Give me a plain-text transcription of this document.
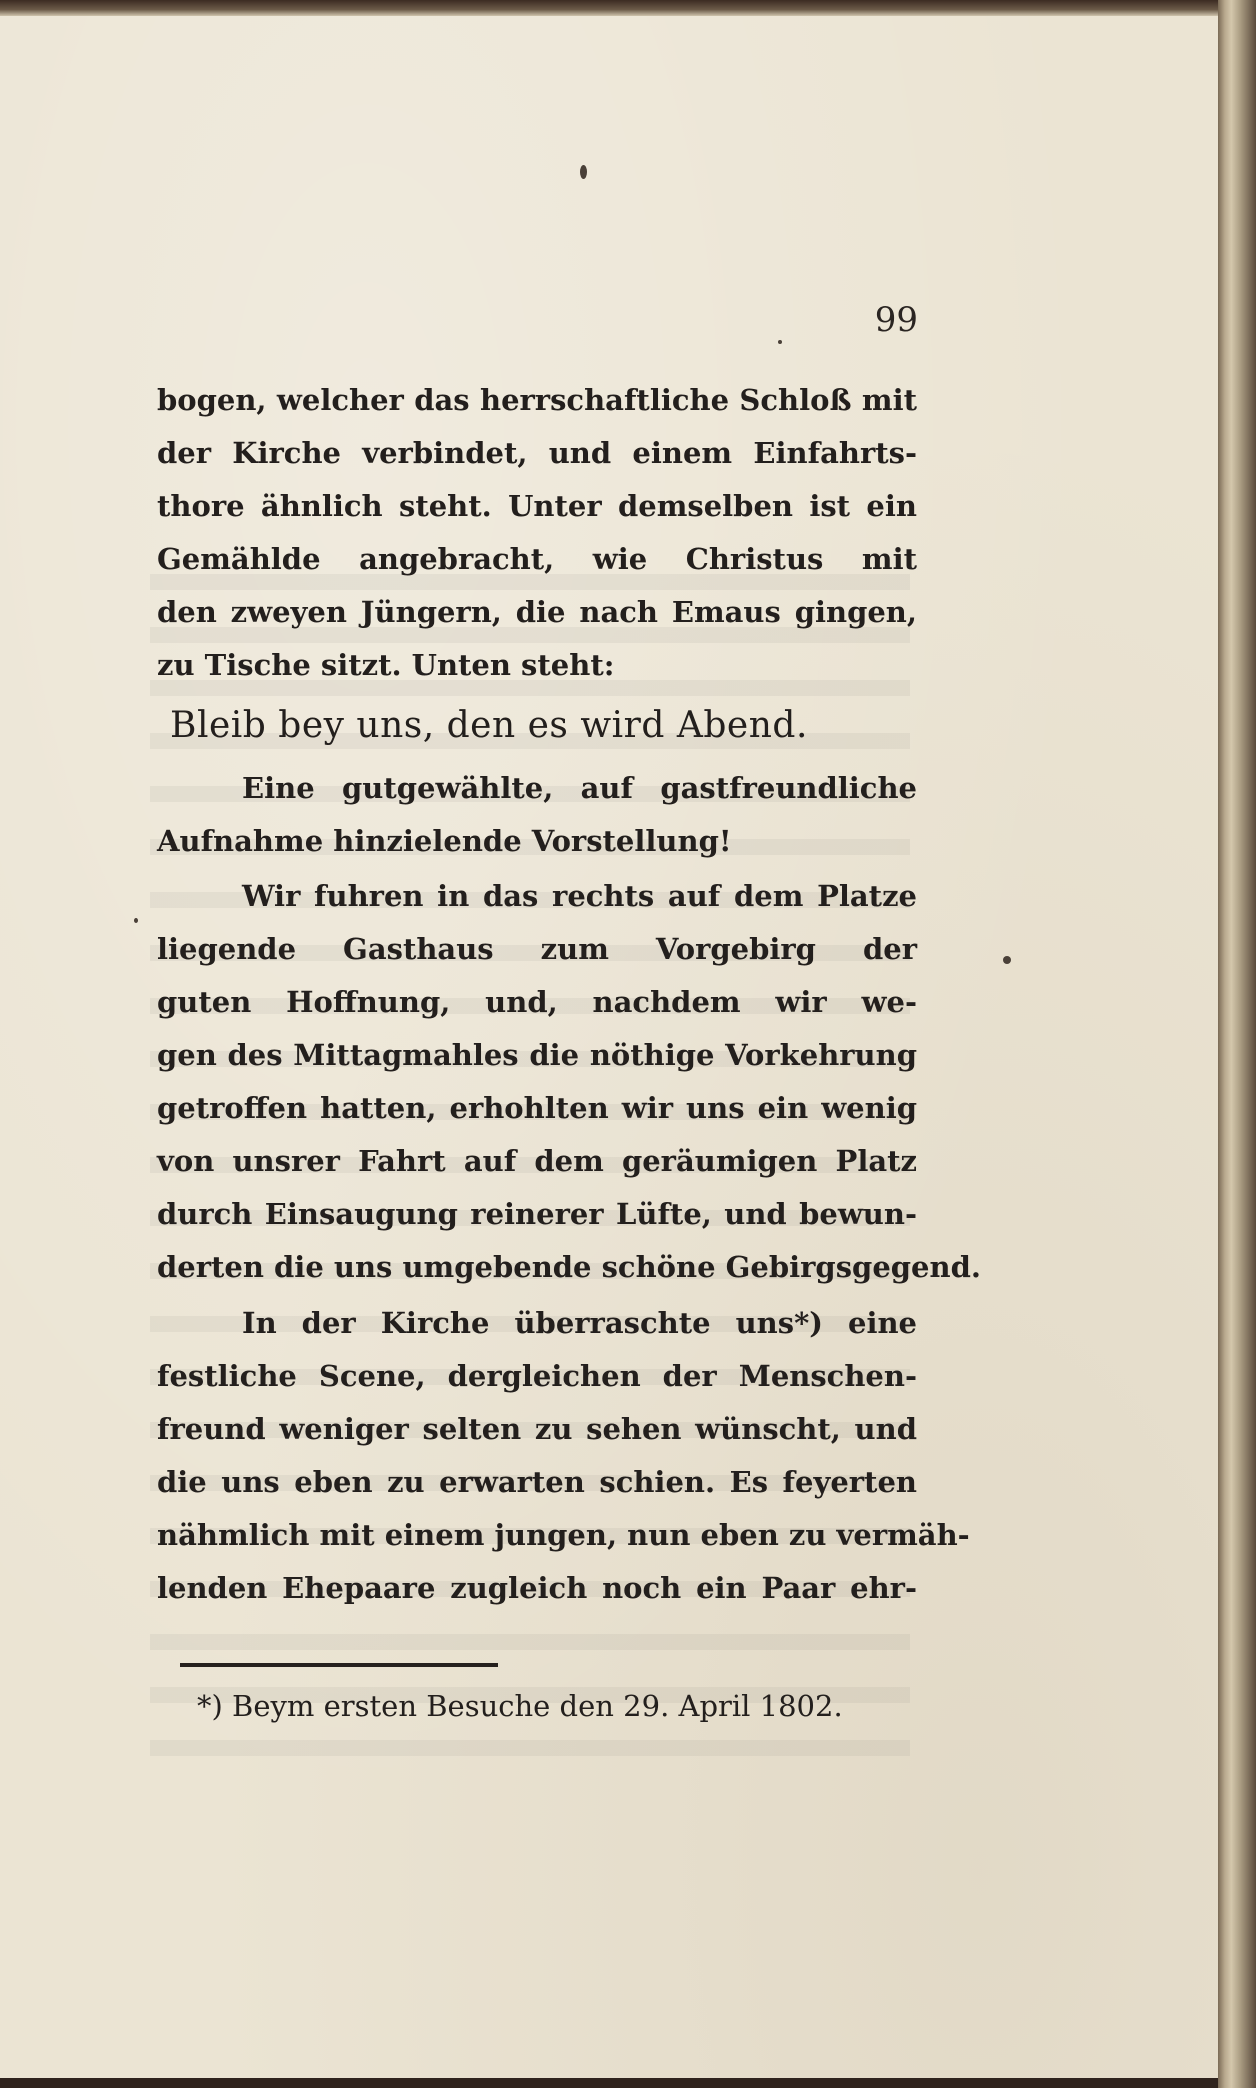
99
bogen, welcher das herrschaftliche Schloß mit
der Kirche verbindet, und einem Einfahrts-
thore ähnlich steht. Unter demselben ist ein
Gemählde angebracht, wie Christus mit
den zweyen Jüngern, die nach Emaus gingen,
zu Tische sitzt. Unten steht:
Bleib bey uns, den es wird Abend.
Eine gutgewählte, auf gastfreundliche
Aufnahme hinzielende Vorstellung!
Wir fuhren in das rechts auf dem Platze
liegende Gasthaus zum Vorgebirg der
guten Hoffnung, und, nachdem wir we-
gen des Mittagmahles die nöthige Vorkehrung
getroffen hatten, erhohlten wir uns ein wenig
von unsrer Fahrt auf dem geräumigen Platz
durch Einsaugung reinerer Lüfte, und bewun-
derten die uns umgebende schöne Gebirgsgegend.
In der Kirche überraschte uns*) eine
festliche Scene, dergleichen der Menschen-
freund weniger selten zu sehen wünscht, und
die uns eben zu erwarten schien. Es feyerten
nähmlich mit einem jungen, nun eben zu vermäh-
lenden Ehepaare zugleich noch ein Paar ehr-
*) Beym ersten Besuche den 29. April 1802.
